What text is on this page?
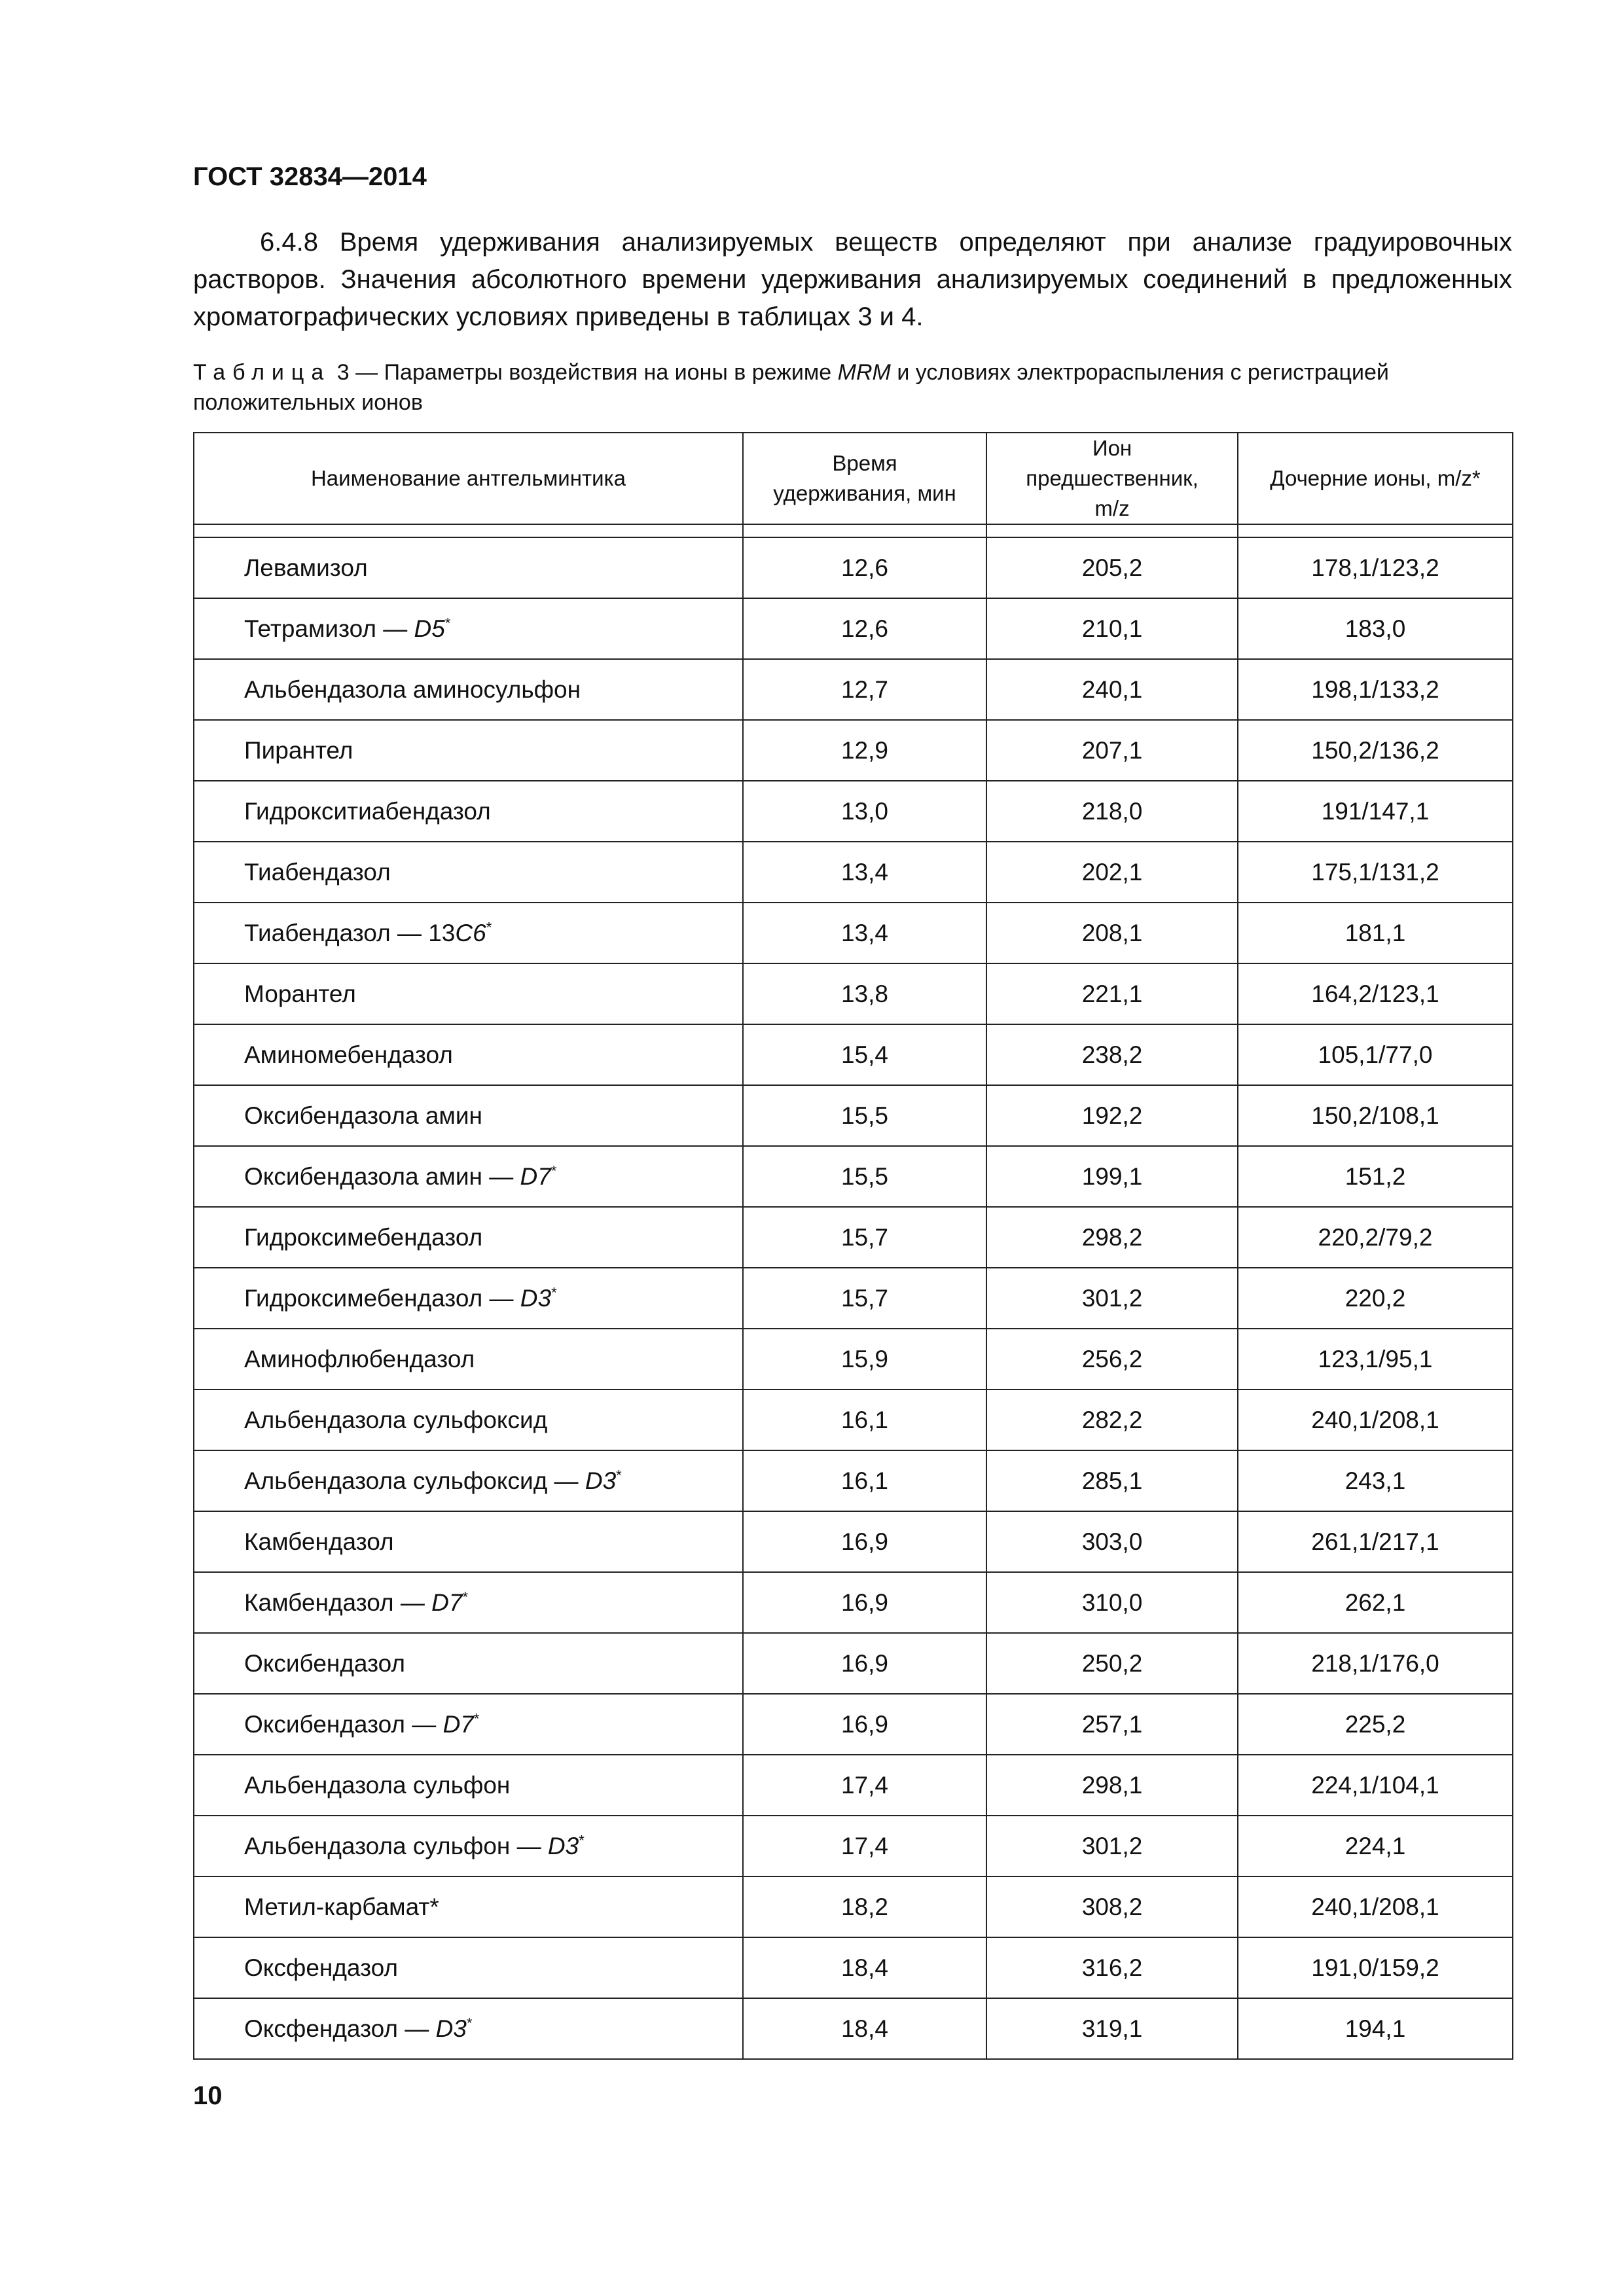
ГОСТ 32834—2014
6.4.8 Время удерживания анализируемых веществ определяют при анализе градуировочных растворов. Значения абсолютного времени удерживания анализируемых соединений в предложенных хроматографических условиях приведены в таблицах 3 и 4.
Таблица 3 — Параметры воздействия на ионы в режиме MRM и условиях электрораспыления с регистрацией положительных ионов
Наименование антгельминтика	Время удерживания, мин	Ион предшественник, m/z	Дочерние ионы, m/z*

Левамизол	12,6	205,2	178,1/123,2
Тетрамизол — D5*	12,6	210,1	183,0
Альбендазола аминосульфон	12,7	240,1	198,1/133,2
Пирантел	12,9	207,1	150,2/136,2
Гидрокситиабендазол	13,0	218,0	191/147,1
Тиабендазол	13,4	202,1	175,1/131,2
Тиабендазол — 13С6*	13,4	208,1	181,1
Морантел	13,8	221,1	164,2/123,1
Аминомебендазол	15,4	238,2	105,1/77,0
Оксибендазола амин	15,5	192,2	150,2/108,1
Оксибендазола амин — D7*	15,5	199,1	151,2
Гидроксимебендазол	15,7	298,2	220,2/79,2
Гидроксимебендазол — D3*	15,7	301,2	220,2
Аминофлюбендазол	15,9	256,2	123,1/95,1
Альбендазола сульфоксид	16,1	282,2	240,1/208,1
Альбендазола сульфоксид — D3*	16,1	285,1	243,1
Камбендазол	16,9	303,0	261,1/217,1
Камбендазол — D7*	16,9	310,0	262,1
Оксибендазол	16,9	250,2	218,1/176,0
Оксибендазол — D7*	16,9	257,1	225,2
Альбендазола сульфон	17,4	298,1	224,1/104,1
Альбендазола сульфон — D3*	17,4	301,2	224,1
Метил-карбамат*	18,2	308,2	240,1/208,1
Оксфендазол	18,4	316,2	191,0/159,2
Оксфендазол — D3*	18,4	319,1	194,1
10
